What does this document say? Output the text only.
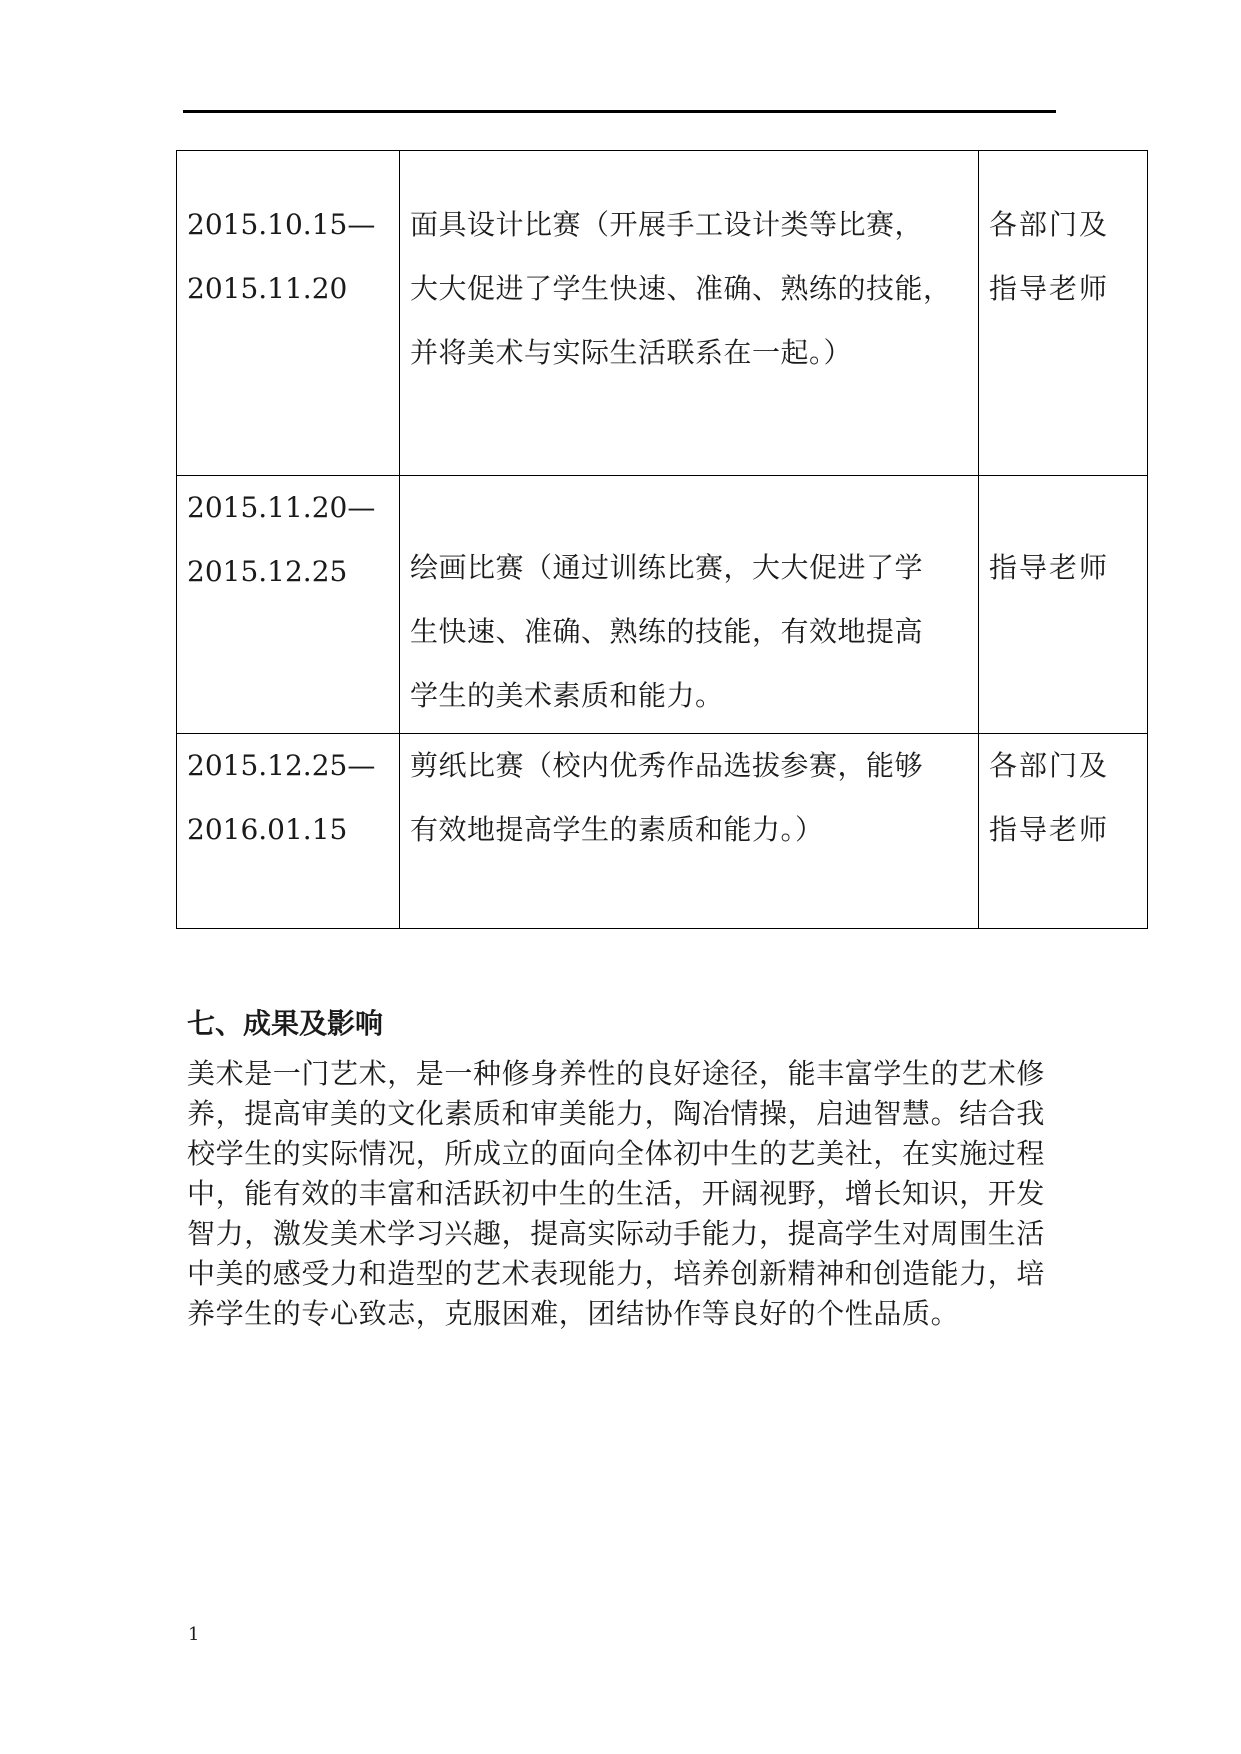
2015.10.15—
2015.11.20	面具设计比赛（开展手工设计类等比赛，
大大促进了学生快速、准确、熟练的技能，
并将美术与实际生活联系在一起。）	各部门及
指导老师

2015.11.20—
2015.12.25	绘画比赛（通过训练比赛，大大促进了学
生快速、准确、熟练的技能，有效地提高
学生的美术素质和能力。	指导老师

2015.12.25—
2016.01.15	剪纸比赛（校内优秀作品选拔参赛，能够
有效地提高学生的素质和能力。）	各部门及
指导老师
七、成果及影响
美术是一门艺术，是一种修身养性的良好途径，能丰富学生的艺术修
养，提高审美的文化素质和审美能力，陶冶情操，启迪智慧。结合我
校学生的实际情况，所成立的面向全体初中生的艺美社，在实施过程
中，能有效的丰富和活跃初中生的生活，开阔视野，增长知识，开发
智力，激发美术学习兴趣，提高实际动手能力，提高学生对周围生活
中美的感受力和造型的艺术表现能力，培养创新精神和创造能力，培
养学生的专心致志，克服困难，团结协作等良好的个性品质。
1
